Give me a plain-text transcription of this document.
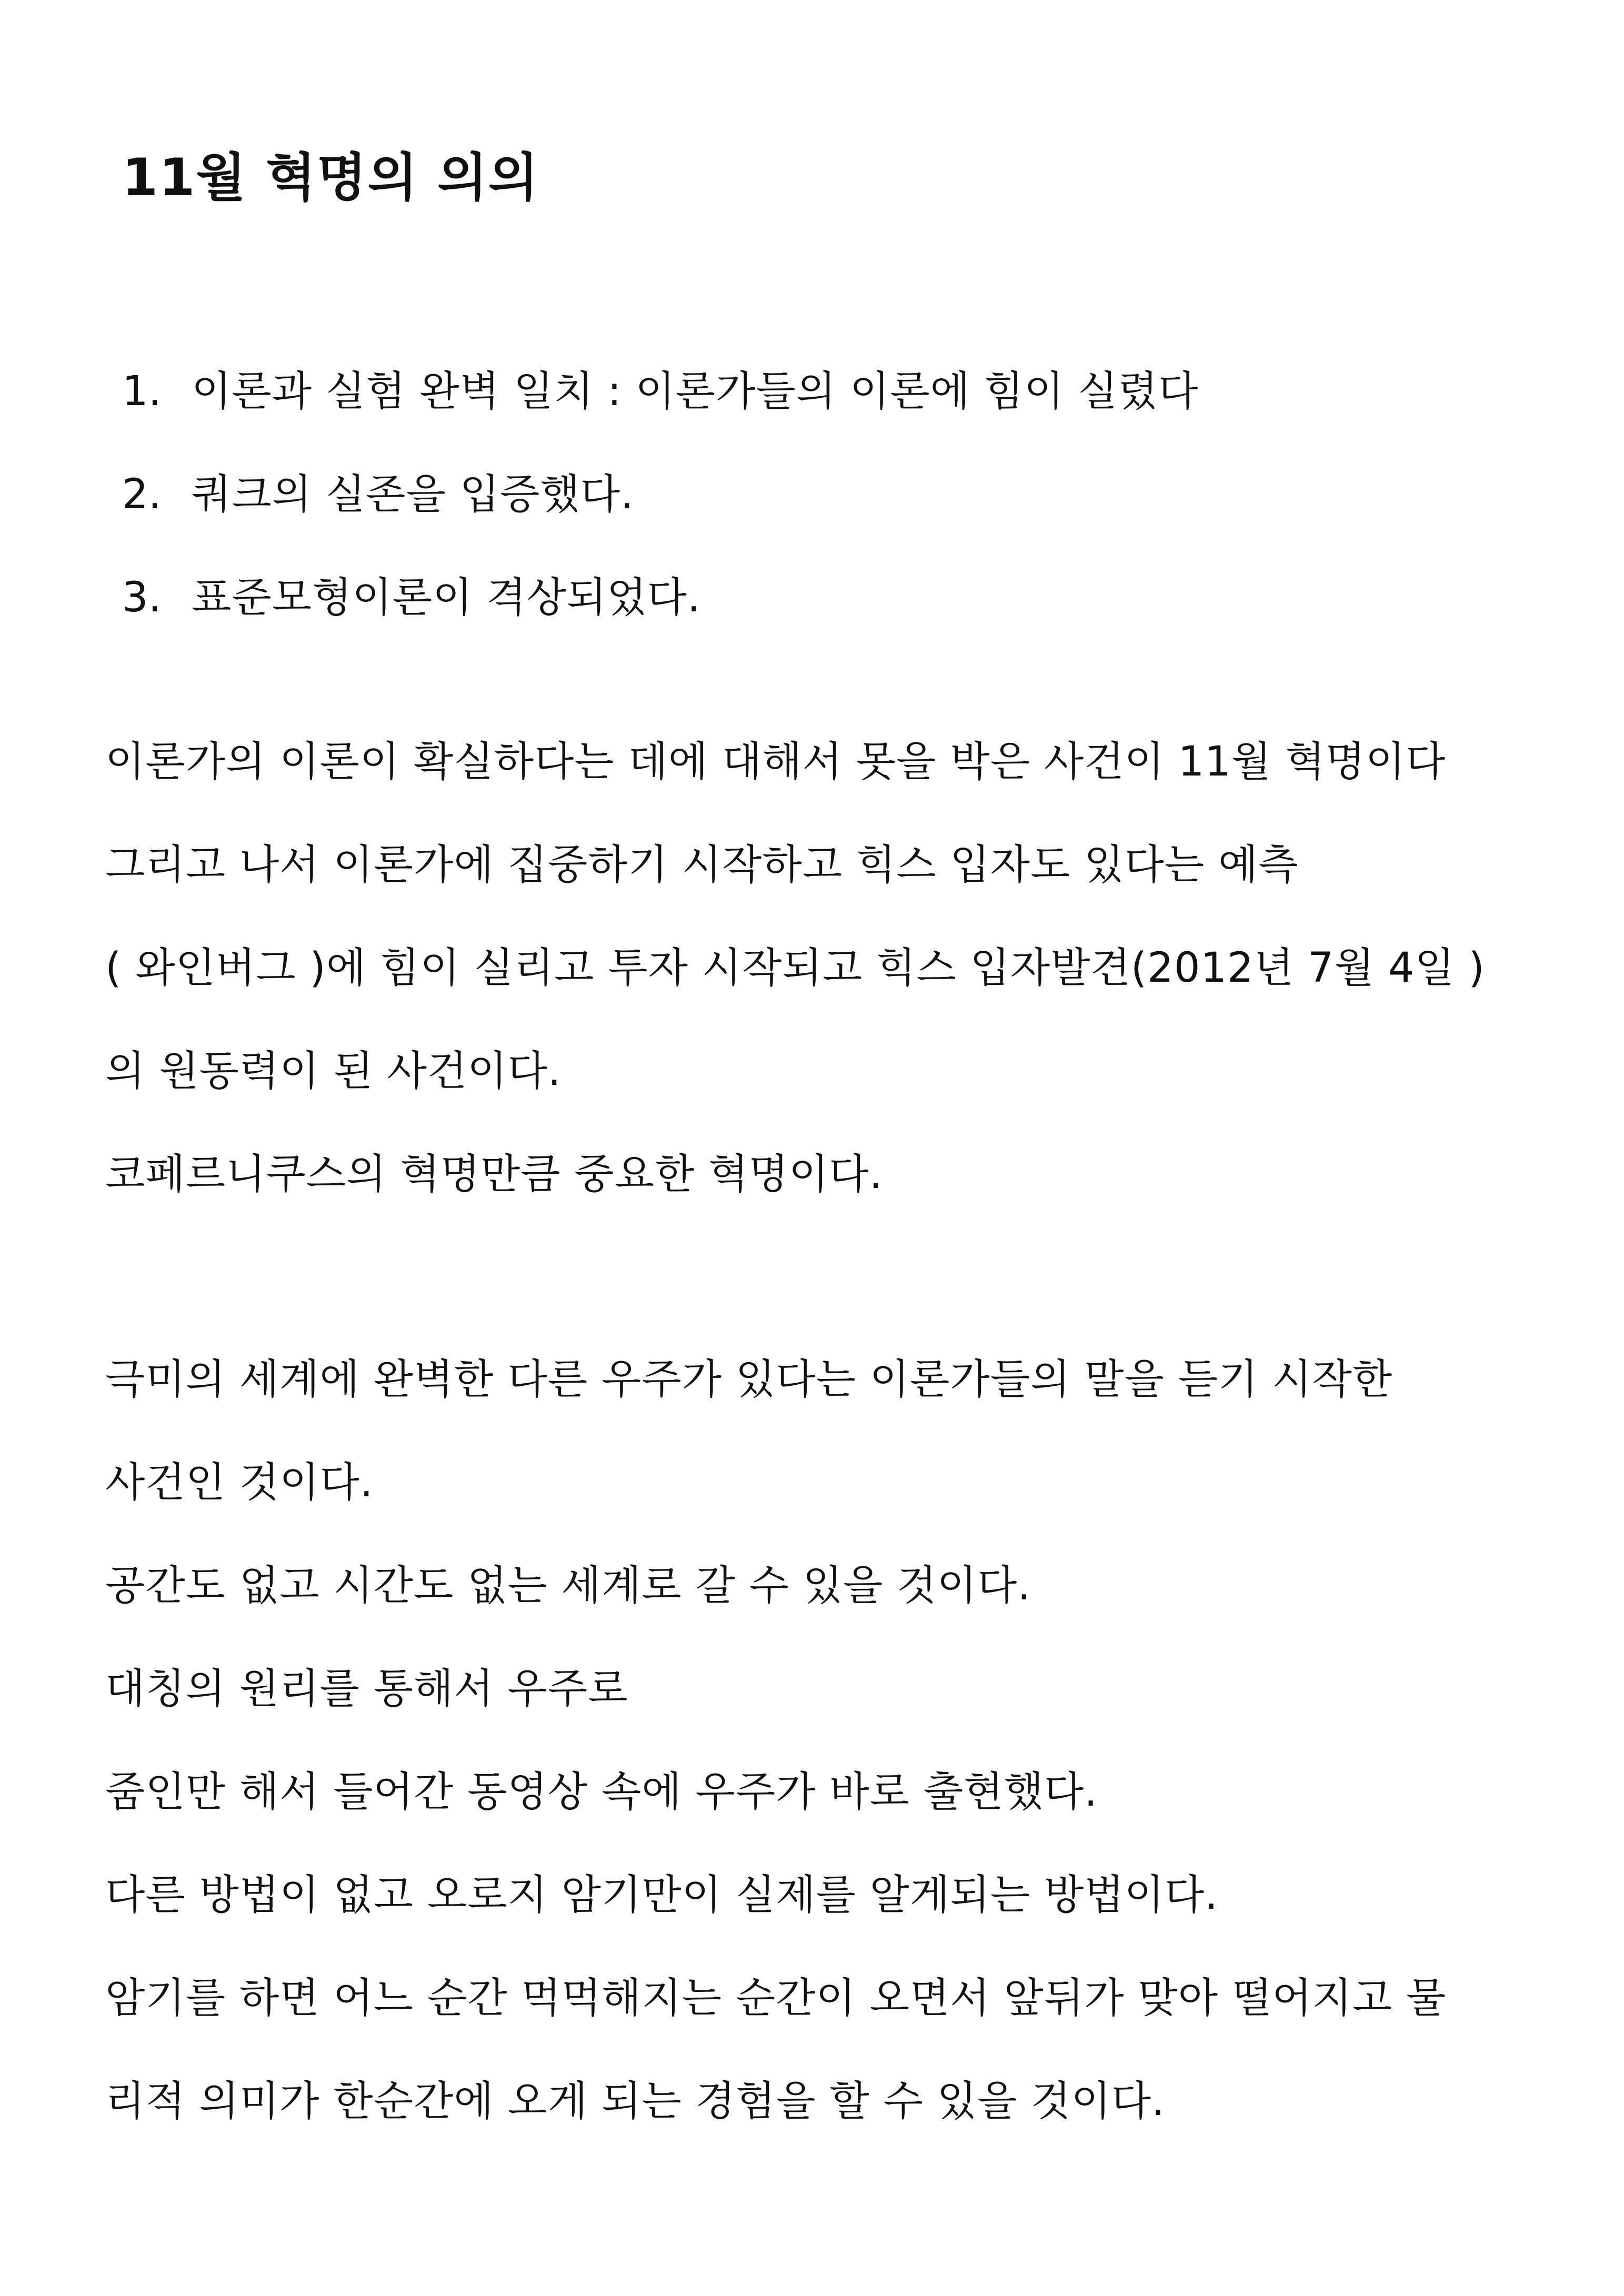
11월 혁명의 의의
1. 이론과 실험 완벽 일치 : 이론가들의 이론에 힘이 실렸다
2. 쿼크의 실존을 입증했다.
3. 표준모형이론이 격상되었다.
이론가의 이론이 확실하다는 데에 대해서 못을 박은 사건이 11월 혁명이다
그리고 나서 이론가에 집중하기 시작하고 힉스 입자도 있다는 예측
( 와인버그 )에 힘이 실리고 투자 시작되고 힉스 입자발견(2012년 7월 4일 )
의 원동력이 된 사건이다.
코페르니쿠스의 혁명만큼 중요한 혁명이다.
극미의 세계에 완벽한 다른 우주가 있다는 이론가들의 말을 듣기 시작한
사건인 것이다.
공간도 없고 시간도 없는 세계로 갈 수 있을 것이다.
대칭의 원리를 통해서 우주로
줌인만 해서 들어간 동영상 속에 우주가 바로 출현했다.
다른 방법이 없고 오로지 암기만이 실제를 알게되는 방법이다.
암기를 하면 어느 순간 먹먹해지는 순간이 오면서 앞뒤가 맞아 떨어지고 물
리적 의미가 한순간에 오게 되는 경험을 할 수 있을 것이다.
